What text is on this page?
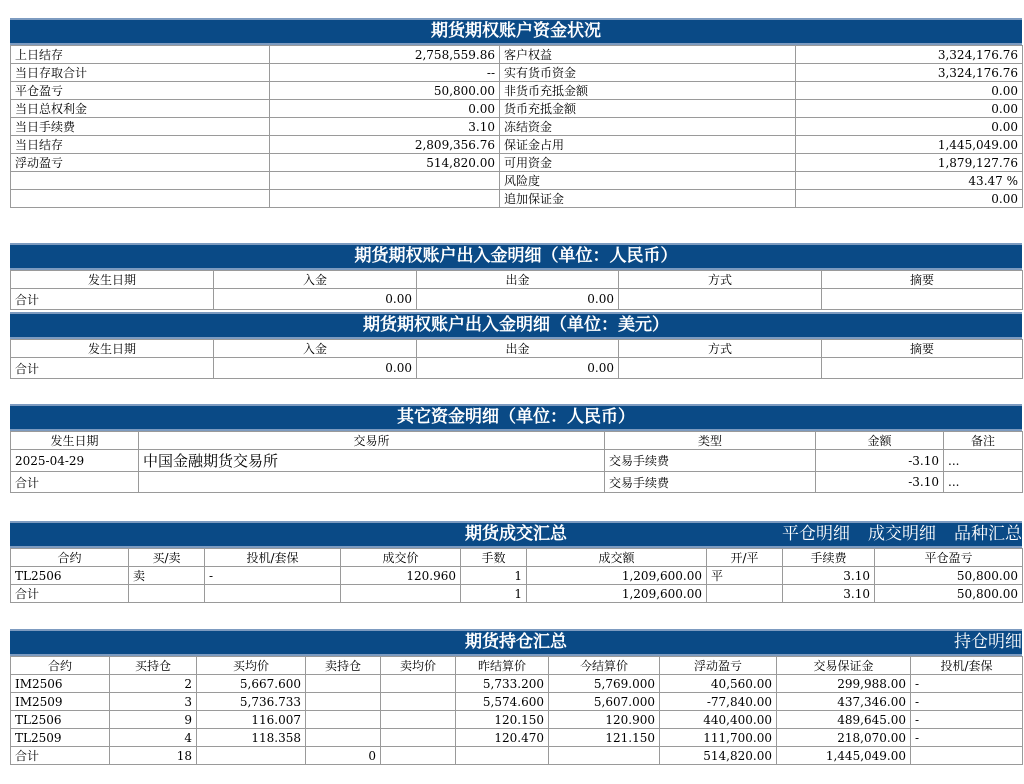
期货期权账户资金状况
上日结存	2,758,559.86	客户权益	3,324,176.76
当日存取合计	--	实有货币资金	3,324,176.76
平仓盈亏	50,800.00	非货币充抵金额	0.00
当日总权利金	0.00	货币充抵金额	0.00
当日手续费	3.10	冻结资金	0.00
当日结存	2,809,356.76	保证金占用	1,445,049.00
浮动盈亏	514,820.00	可用资金	1,879,127.76
		风险度	43.47 %
		追加保证金	0.00
期货期权账户出入金明细（单位：人民币）
发生日期	入金	出金	方式	摘要
合计	0.00	0.00		
期货期权账户出入金明细（单位：美元）
发生日期	入金	出金	方式	摘要
合计	0.00	0.00		
其它资金明细（单位：人民币）
发生日期	交易所	类型	金额	备注
2025-04-29	中国金融期货交易所	交易手续费	-3.10	...
合计		交易手续费	-3.10	...
期货成交汇总	平仓明细 成交明细 品种汇总
合约	买/卖	投机/套保	成交价	手数	成交额	开/平	手续费	平仓盈亏
TL2506	卖	-	120.960	1	1,209,600.00	平	3.10	50,800.00
合计				1	1,209,600.00		3.10	50,800.00
期货持仓汇总	持仓明细
合约	买持仓	买均价	卖持仓	卖均价	昨结算价	今结算价	浮动盈亏	交易保证金	投机/套保
IM2506	2	5,667.600			5,733.200	5,769.000	40,560.00	299,988.00	-
IM2509	3	5,736.733			5,574.600	5,607.000	-77,840.00	437,346.00	-
TL2506	9	116.007			120.150	120.900	440,400.00	489,645.00	-
TL2509	4	118.358			120.470	121.150	111,700.00	218,070.00	-
合计	18		0				514,820.00	1,445,049.00	
